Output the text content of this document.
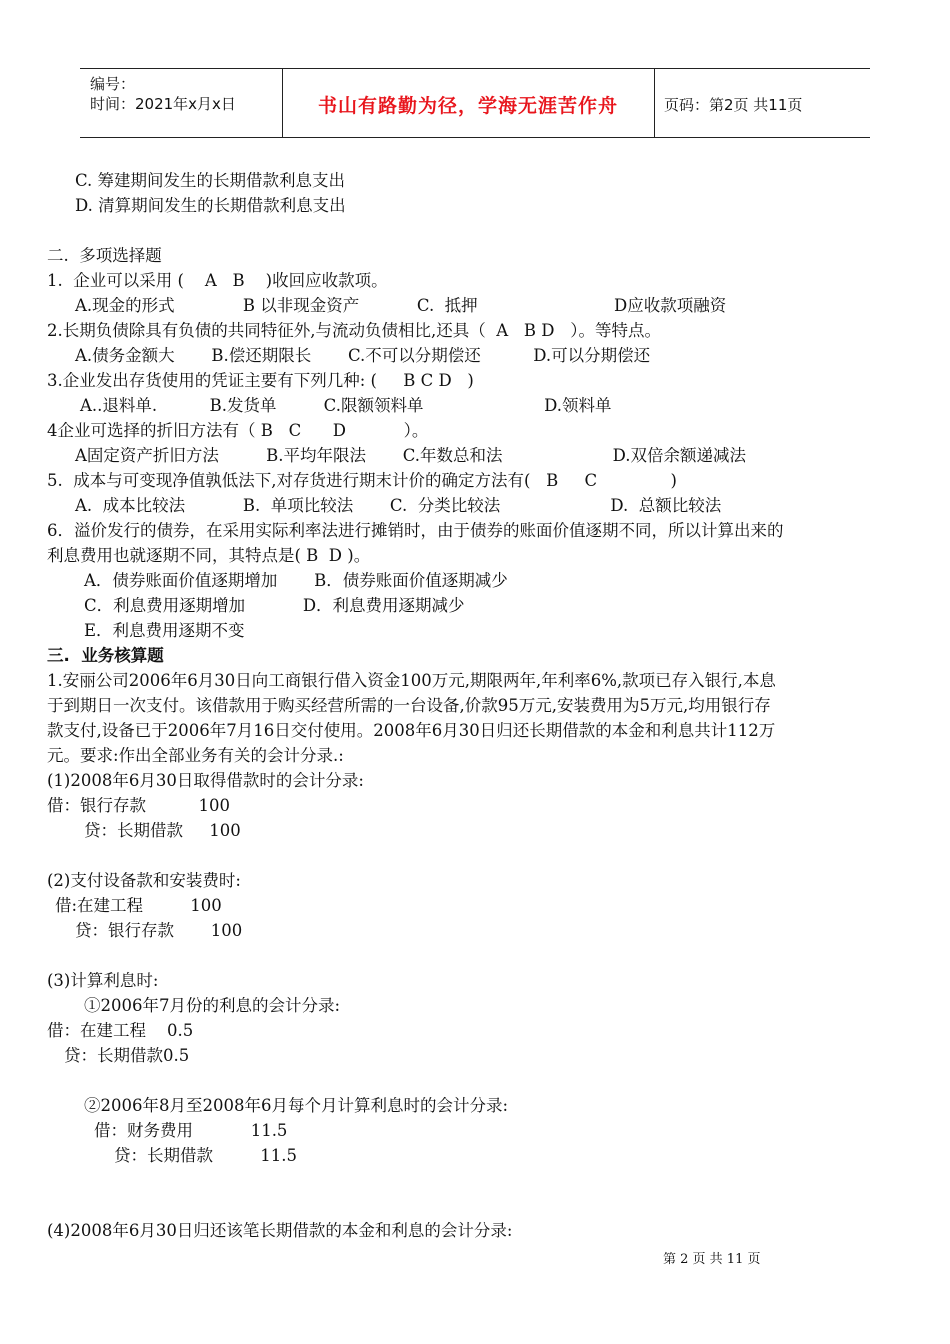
编号：
时间：2021年x月x日	书山有路勤为径，学海无涯苦作舟	页码：第2页 共11页
C. 筹建期间发生的长期借款利息支出
D. 清算期间发生的长期借款利息支出
二.  多项选择题
1.  企业可以采用 (    A   B    )收回应收款项。
A.现金的形式             B 以非现金资产           C.  抵押                          D应收款项融资
2.长期负债除具有负债的共同特征外,与流动负债相比,还具（  A   B D   ）。等特点。
A.债务金额大       B.偿还期限长       C.不可以分期偿还          D.可以分期偿还
3.企业发出存货使用的凭证主要有下列几种: (     B C D   )
A..退料单.          B.发货单         C.限额领料单                       D.领料单
4企业可选择的折旧方法有（ B   C      D           ）。
A固定资产折旧方法         B.平均年限法       C.年数总和法                     D.双倍余额递减法
5.  成本与可变现净值孰低法下,对存货进行期末计价的确定方法有(   B     C              )
A.  成本比较法           B.  单项比较法       C.  分类比较法                     D.  总额比较法
6．溢价发行的债券，在采用实际利率法进行摊销时，由于债券的账面价值逐期不同，所以计算出来的
利息费用也就逐期不同，其特点是( B  D )。
A．债券账面价值逐期增加       B．债券账面价值逐期减少
C．利息费用逐期增加           D．利息费用逐期减少
E．利息费用逐期不变
三.  业务核算题
1.安丽公司2006年6月30日向工商银行借入资金100万元,期限两年,年利率6%,款项已存入银行,本息
于到期日一次支付。该借款用于购买经营所需的一台设备,价款95万元,安装费用为5万元,均用银行存
款支付,设备已于2006年7月16日交付使用。2008年6月30日归还长期借款的本金和利息共计112万
元。要求:作出全部业务有关的会计分录.:
(1)2008年6月30日取得借款时的会计分录:
借：银行存款          100
贷：长期借款     100
(2)支付设备款和安装费时:
借:在建工程         100
贷：银行存款       100
(3)计算利息时:
①2006年7月份的利息的会计分录:
借：在建工程    0.5
贷：长期借款0.5
②2006年8月至2008年6月每个月计算利息时的会计分录:
借：财务费用           11.5
贷：长期借款         11.5
(4)2008年6月30日归还该笔长期借款的本金和利息的会计分录:
第 2 页 共 11 页
